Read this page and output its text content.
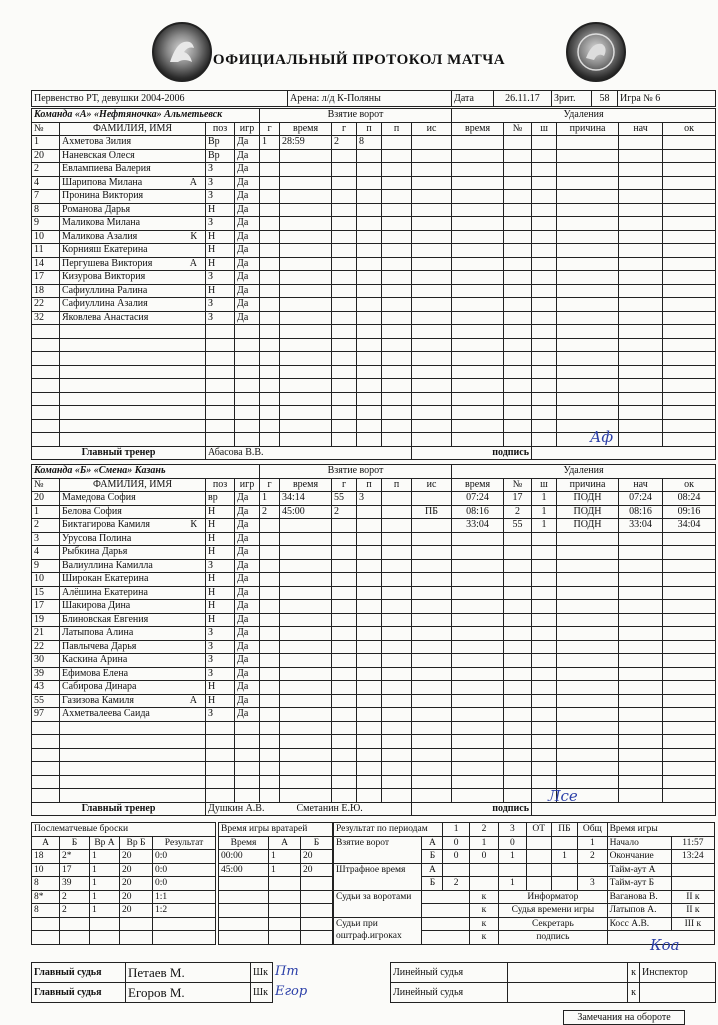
ОФИЦИАЛЬНЫЙ ПРОТОКОЛ МАТЧА
Первенство РТ, девушки 2004-2006	Арена: л/д К-Поляны	Дата	26.11.17	Зрит.	58	Игра № 6
Команда «А» «Нефтяночка» Альметьевск				Взятие ворот						Удаления					
№	ФАМИЛИЯ, ИМЯ	поз	игр	г	время	г	п	п	ис	время	№	ш	причина	нач	ок
1	Ахметова Зилия	Вр	Да	1	28:59	2	8								
20	Наневская Олеся	Вр	Да												
2	Евлампиева Валерия	З	Да												
4	Шарипова Милана А	З	Да												
7	Пронина Виктория	З	Да												
8	Романова Дарья	Н	Да												
9	Маликова Милана	З	Да												
10	Маликова Азалия К	Н	Да												
11	Корнияш Екатерина	Н	Да												
14	Пергушева Виктория А	Н	Да												
17	Кизурова Виктория	З	Да												
18	Сафиуллина Ралина	Н	Да												
22	Сафиуллина Азалия	З	Да												
32	Яковлева Анастасия	З	Да												

Главный тренер		Абасова В.В.							подпись						
Команда «Б» «Смена» Казань				Взятие ворот						Удаления					
№	ФАМИЛИЯ, ИМЯ	поз	игр	г	время	г	п	п	ис	время	№	ш	причина	нач	ок
20	Мамедова София	вр	Да	1	34:14	55	3			07:24	17	1	ПОДН	07:24	08:24
1	Белова София	Н	Да	2	45:00	2			ПБ	08:16	2	1	ПОДН	08:16	09:16
2	Биктагирова Камиля К	Н	Да							33:04	55	1	ПОДН	33:04	34:04
3	Урусова Полина	Н	Да												
4	Рыбкина Дарья	Н	Да												
9	Валиуллина Камилла	З	Да												
10	Широкан Екатерина	Н	Да												
15	Алёшина Екатерина	Н	Да												
17	Шакирова Дина	Н	Да												
19	Блиновская Евгения	Н	Да												
21	Латыпова Алина	З	Да												
22	Павлычева Дарья	З	Да												
30	Каскина Арина	З	Да												
39	Ефимова Елена	З	Да												
43	Сабирова Динара	Н	Да												
55	Газизова Камиля А	Н	Да												
97	Ахметвалеева Саида	З	Да												

Главный тренер		Душкин А.В. Сметанин Е.Ю.							подпись						
Аф
Лсе
Послематчевые броски				
А	Б	Вр А	Вр Б	Результат
18	2*	1	20	0:0
10	17	1	20	0:0
8	39	1	20	0:0
8*	2	1	20	1:1
8	2	1	20	1:2

Время игры вратарей		
Время	А	Б
00:00	1	20
45:00	1	20

Результат по периодам		1	2	3	ОТ	ПБ	Общ	Время игры	
Взятие ворот	А	0	1	0			1	Начало	11:57
	Б	0	0	1		1	2	Окончание	13:24
Штрафное время	А							Тайм-аут А	
	Б	2		1			3	Тайм-аут Б	
Судьи за воротами			к	Информатор				Ваганова В.	II к
			к	Судья времени игры				Латыпов А.	II к
Судьи при оштраф.игроках			к	Секретарь				Косс А.В.	III к
			к	подпись						Коа
Главный судья	Петаев М.	Шк	Пт	Линейный судья		к	Инспектор
Главный судья	Егоров М.	Шк	Егор	Линейный судья		к	
Замечания на обороте
